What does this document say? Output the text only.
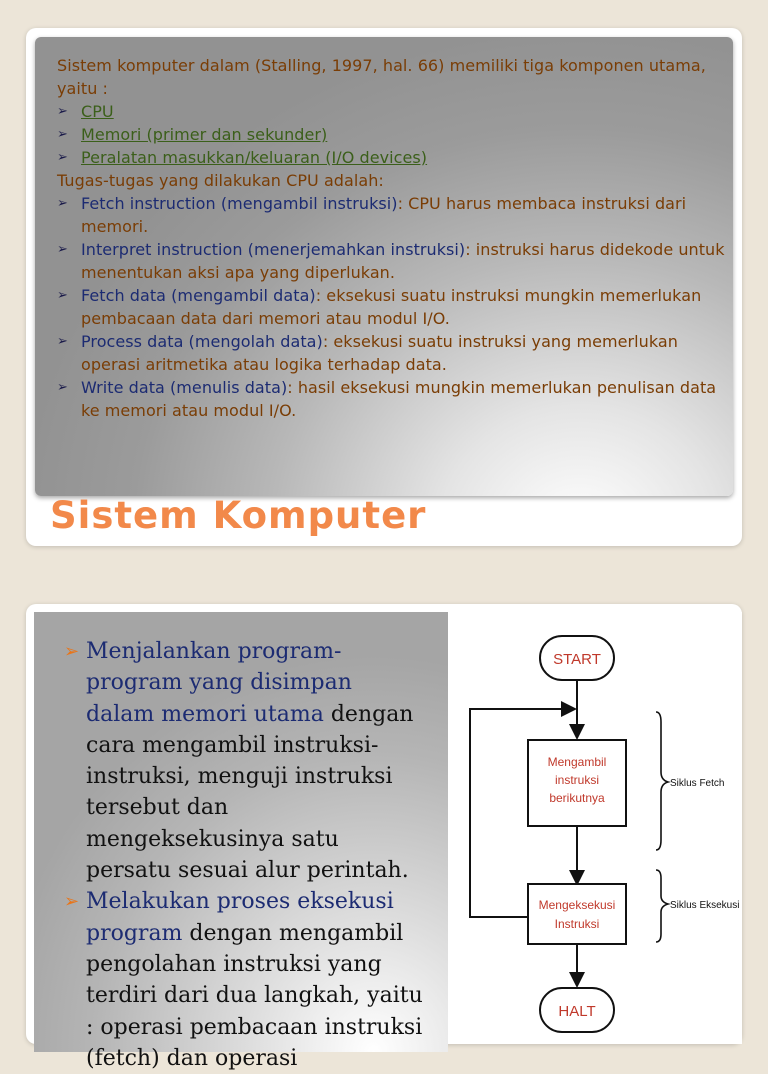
Sistem komputer dalam (Stalling, 1997, hal. 66) memiliki tiga komponen utama, yaitu :

➢ CPU
➢ Memori (primer dan sekunder)
➢ Peralatan masukkan/keluaran (I/O devices)

Tugas-tugas yang dilakukan CPU adalah:

➢ Fetch instruction (mengambil instruksi): CPU harus membaca instruksi dari memori.
➢ Interpret instruction (menerjemahkan instruksi): instruksi harus didekode untuk menentukan aksi apa yang diperlukan.
➢ Fetch data (mengambil data): eksekusi suatu instruksi mungkin memerlukan pembacaan data dari memori atau modul I/O.
➢ Process data (mengolah data): eksekusi suatu instruksi yang memerlukan operasi aritmetika atau logika terhadap data.
➢ Write data (menulis data): hasil eksekusi mungkin memerlukan penulisan data ke memori atau modul I/O.
Sistem Komputer
➢ Menjalankan program-program yang disimpan dalam memori utama dengan cara mengambil instruksi-instruksi, menguji instruksi tersebut dan mengeksekusinya satu persatu sesuai alur perintah.
➢ Melakukan proses eksekusi program dengan mengambil pengolahan instruksi yang terdiri dari dua langkah, yaitu : operasi pembacaan instruksi (fetch) dan operasi
START
Mengambil
instruksi
berikutnya
Mengeksekusi
Instruksi
HALT
Siklus Fetch
Siklus Eksekusi
